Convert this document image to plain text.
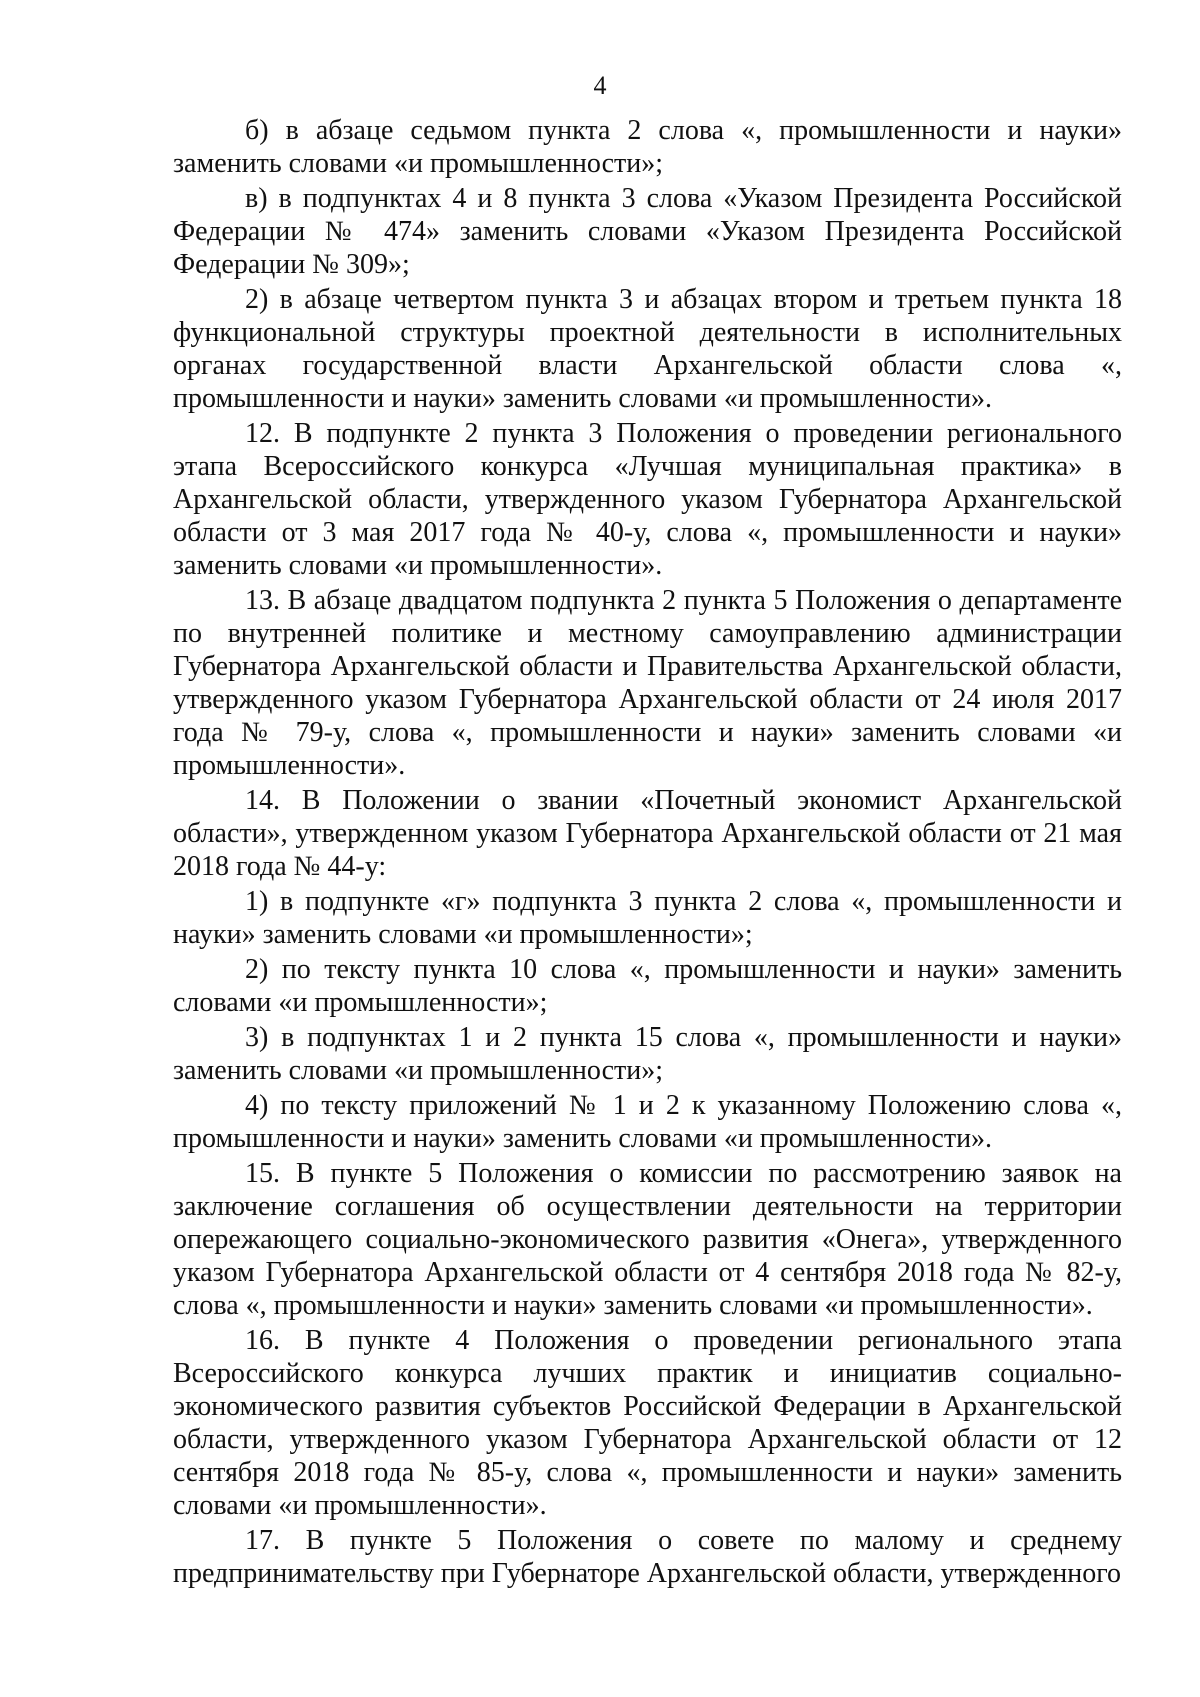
4

б) в абзаце седьмом пункта 2 слова «, промышленности и науки» заменить словами «и промышленности»;

в) в подпунктах 4 и 8 пункта 3 слова «Указом Президента Российской Федерации № 474» заменить словами «Указом Президента Российской Федерации № 309»;

2) в абзаце четвертом пункта 3 и абзацах втором и третьем пункта 18 функциональной структуры проектной деятельности в исполнительных органах государственной власти Архангельской области слова «, промышленности и науки» заменить словами «и промышленности».

12. В подпункте 2 пункта 3 Положения о проведении регионального этапа Всероссийского конкурса «Лучшая муниципальная практика» в Архангельской области, утвержденного указом Губернатора Архангельской области от 3 мая 2017 года № 40-у, слова «, промышленности и науки» заменить словами «и промышленности».

13. В абзаце двадцатом подпункта 2 пункта 5 Положения о департаменте по внутренней политике и местному самоуправлению администрации Губернатора Архангельской области и Правительства Архангельской области, утвержденного указом Губернатора Архангельской области от 24 июля 2017 года № 79-у, слова «, промышленности и науки» заменить словами «и промышленности».

14. В Положении о звании «Почетный экономист Архангельской области», утвержденном указом Губернатора Архангельской области от 21 мая 2018 года № 44-у:

1) в подпункте «г» подпункта 3 пункта 2 слова «, промышленности и науки» заменить словами «и промышленности»;

2) по тексту пункта 10 слова «, промышленности и науки» заменить словами «и промышленности»;

3) в подпунктах 1 и 2 пункта 15 слова «, промышленности и науки» заменить словами «и промышленности»;

4) по тексту приложений № 1 и 2 к указанному Положению слова «, промышленности и науки» заменить словами «и промышленности».

15. В пункте 5 Положения о комиссии по рассмотрению заявок на заключение соглашения об осуществлении деятельности на территории опережающего социально-экономического развития «Онега», утвержденного указом Губернатора Архангельской области от 4 сентября 2018 года № 82-у, слова «, промышленности и науки» заменить словами «и промышленности».

16. В пункте 4 Положения о проведении регионального этапа Всероссийского конкурса лучших практик и инициатив социально-экономического развития субъектов Российской Федерации в Архангельской области, утвержденного указом Губернатора Архангельской области от 12 сентября 2018 года № 85-у, слова «, промышленности и науки» заменить словами «и промышленности».

17. В пункте 5 Положения о совете по малому и среднему предпринимательству при Губернаторе Архангельской области, утвержденного
